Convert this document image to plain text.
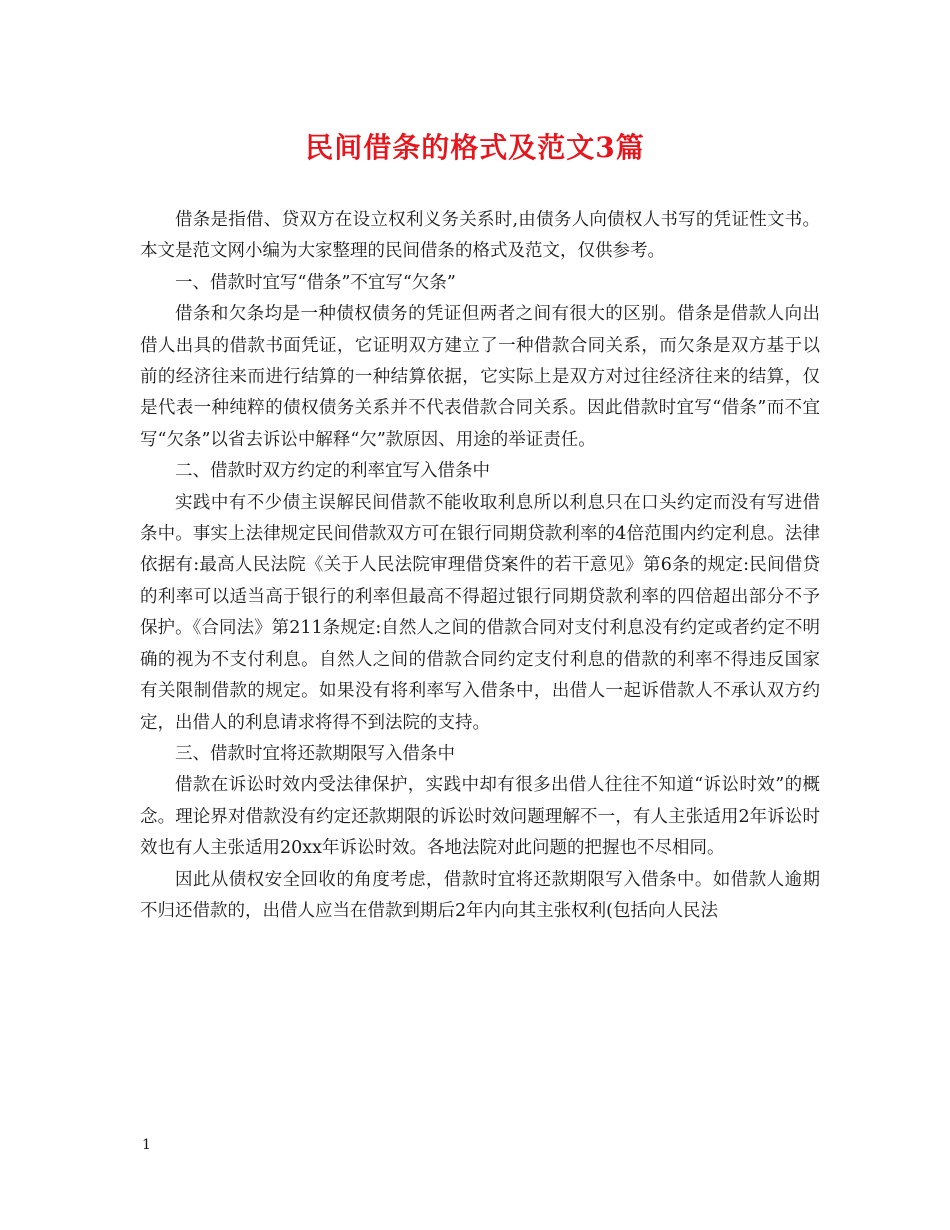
民间借条的格式及范文3篇

借条是指借、贷双方在设立权利义务关系时,由债务人向债权人书写的凭证性文书。本文是范文网小编为大家整理的民间借条的格式及范文，仅供参考。

一、借款时宜写“借条”不宜写“欠条”

借条和欠条均是一种债权债务的凭证但两者之间有很大的区别。借条是借款人向出借人出具的借款书面凭证，它证明双方建立了一种借款合同关系，而欠条是双方基于以前的经济往来而进行结算的一种结算依据，它实际上是双方对过往经济往来的结算，仅是代表一种纯粹的债权债务关系并不代表借款合同关系。因此借款时宜写“借条”而不宜写“欠条”以省去诉讼中解释“欠”款原因、用途的举证责任。

二、借款时双方约定的利率宜写入借条中

实践中有不少债主误解民间借款不能收取利息所以利息只在口头约定而没有写进借条中。事实上法律规定民间借款双方可在银行同期贷款利率的4倍范围内约定利息。法律依据有:最高人民法院《关于人民法院审理借贷案件的若干意见》第6条的规定:民间借贷的利率可以适当高于银行的利率但最高不得超过银行同期贷款利率的四倍超出部分不予保护。《合同法》第211条规定:自然人之间的借款合同对支付利息没有约定或者约定不明确的视为不支付利息。自然人之间的借款合同约定支付利息的借款的利率不得违反国家有关限制借款的规定。如果没有将利率写入借条中，出借人一起诉借款人不承认双方约定，出借人的利息请求将得不到法院的支持。

三、借款时宜将还款期限写入借条中

借款在诉讼时效内受法律保护，实践中却有很多出借人往往不知道“诉讼时效”的概念。理论界对借款没有约定还款期限的诉讼时效问题理解不一，有人主张适用2年诉讼时效也有人主张适用20xx年诉讼时效。各地法院对此问题的把握也不尽相同。

因此从债权安全回收的角度考虑，借款时宜将还款期限写入借条中。如借款人逾期不归还借款的，出借人应当在借款到期后2年内向其主张权利(包括向人民法

1
